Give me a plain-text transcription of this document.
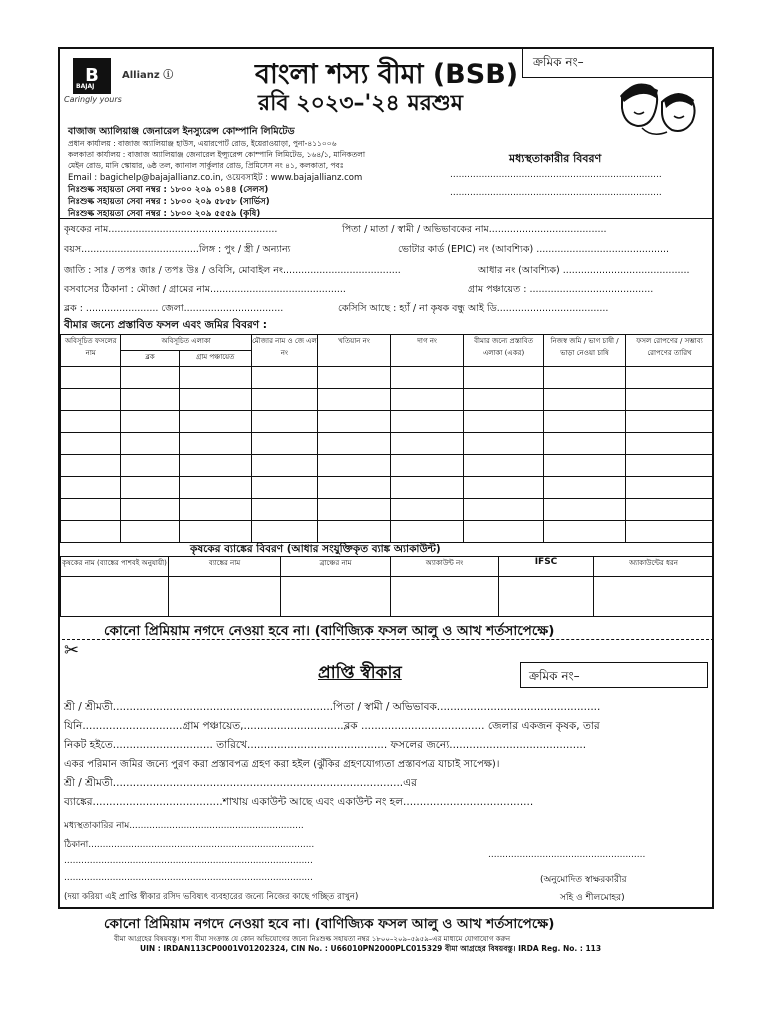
B
BAJAJ
Caringly yours
Allianz ⓘ	বাংলা শস্য বীমা (BSB)
রবি ২০২৩–'২৪ মরশুম
ক্রমিক নং–
বাজাজ অ্যালিয়াঞ্জ জেনারেল ইনস্যুরেন্স কোম্পানি লিমিটেড
প্রধান কার্যালয় : বাজাজ অ্যালিয়াঞ্জ হাউস, এয়ারপোর্ট রোড, ইয়েরাওয়াড়া, পুনা-৪১১০০৬
কলকাতা কার্যালয় : বাজাজ অ্যালিয়াঞ্জ জেনারেল ইন্স্যুরেন্স কোম্পানি লিমিটেড, ১৬৪/১, মানিকতলা
মেইন রোড, মানি স্কোয়ার, ৬ষ্ঠ তল, ক্যানাল সার্কুলার রোড, প্রিমিসেস নং ৪১, কলকাতা, পবঃ
Email : bagichelp@bajajallianz.co.in, ওয়েবসাইট : www.bajajallianz.com
নিঃশুল্ক সহায়তা সেবা নম্বর : ১৮০০ ২০৯ ০১৪৪ (সেলস)
নিঃশুল্ক সহায়তা সেবা নম্বর : ১৮০০ ২০৯ ৫৮৫৮ (সার্ভিস)
নিঃশুল্ক সহায়তা সেবা নম্বর : ১৮০০ ২০৯ ৫৫৫৯ (কৃষি)
মধ্যস্থতাকারীর বিবরণ
..........................................................................
..........................................................................
কৃষকের নাম........................................................	পিতা / মাতা / স্বামী / অভিভাবকের নাম.......................................
বয়স.......................................লিঙ্গ : পুং / স্ত্রী / অন্যান্য	ভোটার কার্ড (EPIC) নং (আবশ্যিক) ............................................
জাতি : সাঃ / তপঃ জাঃ / তপঃ উঃ / ওবিসি, মোবাইল নং.......................................	আধার নং (আবশ্যিক) ..........................................
বসবাসের ঠিকানা : মৌজা / গ্রামের নাম.............................................	গ্রাম পঞ্চায়েত : .........................................
ব্লক : ........................ জেলা.................................	কেসিসি আছে : হ্যাঁ / না কৃষক বন্ধু আই ডি.....................................
বীমার জন্যে প্রস্তাবিত ফসল এবং জমির বিবরণ :
অবিসূচিত ফসলের নাম	অবিসূচিত এলাকা		মৌজার নাম ও জে এল নং	খতিয়ান নং	দাগ নং	বীমার জন্যে প্রস্তাবিত এলাকা (একর)	নিজস্ব জমি / ভাগ চাষী / ভাড়া নেওয়া চাষি	ফসল রোপণের / সম্ভাব্য রোপণের তারিখ
	ব্লক	গ্রাম পঞ্চায়েত						

কৃষকের ব্যাঙ্কের বিবরণ (আধার সংযুক্তিকৃত ব্যাঙ্ক অ্যাকাউন্ট)
কৃষকের নাম (ব্যাঙ্কের পাশবই অনুযায়ী)	ব্যাঙ্কের নাম	ব্রাঞ্চের নাম	অ্যাকাউন্ট নং	IFSC	অ্যাকাউন্টের ধরন

কোনো প্রিমিয়াম নগদে নেওয়া হবে না। (বাণিজ্যিক ফসল আলু ও আখ শর্তসাপেক্ষে)
✂
প্রাপ্তি স্বীকার	ক্রমিক নং–
শ্রী / শ্রীমতী..................................................................পিতা / স্বামী / অভিভাবক.................................................
যিনি..............................গ্রাম পঞ্চায়েত,..............................ব্লক ..................................... জেলার একজন কৃষক, তার
নিকট হইতে.............................. তারিখে.......................................... ফসলের জন্যে.........................................
একর পরিমান জমির জন্যে পুরণ করা প্রস্তাবপত্র গ্রহণ করা হইল (ঝুঁকির গ্রহণযোগ্যতা প্রস্তাবপত্র যাচাই সাপেক্ষ)।
শ্রী / শ্রীমতী.......................................................................................এর
ব্যাঙ্কের.......................................শাখায় একাউন্ট আছে এবং একাউন্ট নং হল.......................................
মধ্যস্থতাকারির নাম.............................................................
ঠিকানা...............................................................................
.......................................................................................
.......................................................................................
(দয়া করিয়া এই প্রাপ্তি স্বীকার রসিদ ভবিষ্যৎ ব্যবহারের জন্যে নিজের কাছে গচ্ছিত রাখুন)
.......................................................
(অনুমোদিত স্বাক্ষরকারীর
সহি ও শীলমোহর)
কোনো প্রিমিয়াম নগদে নেওয়া হবে না। (বাণিজ্যিক ফসল আলু ও আখ শর্তসাপেক্ষে)
বীমা আগ্রহের বিষয়বস্তু। শস্য বীমা সংক্রান্ত যে কোন অভিযোগের জন্যে নিঃশুল্ক সহায়তা নম্বর ১৮০০–২০৯–৫৯৫৯–এর মাধ্যমে যোগাযোগ করুন
UIN : IRDAN113CP0001V01202324, CIN No. : U66010PN2000PLC015329 বীমা আগ্রহের বিষয়বস্তু। IRDA Reg. No. : 113
